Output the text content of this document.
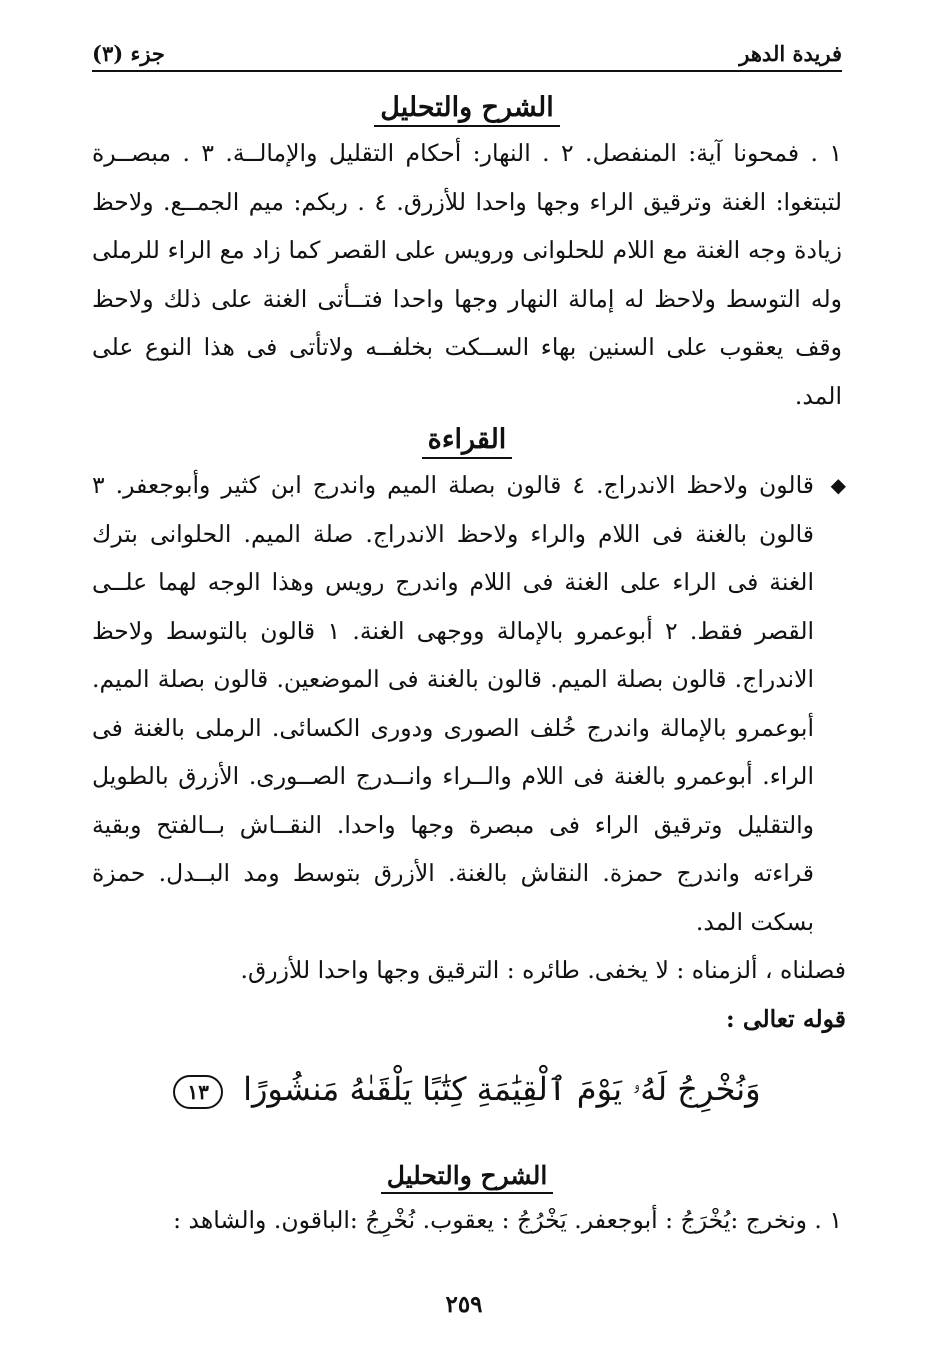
فريدة الدهر
جزء (٣)
الشرح والتحليل

١ . فمحونا آية: المنفصل. ٢ . النهار: أحكام التقليل والإمالــة. ٣ . مبصــرة لتبتغوا: الغنة وترقيق الراء وجها واحدا للأزرق. ٤ . ربكم: ميم الجمــع. ولاحظ زيادة وجه الغنة مع اللام للحلوانى ورويس على القصر كما زاد مع الراء للرملى وله التوسط ولاحظ له إمالة النهار وجها واحدا فتــأتى الغنة على ذلك ولاحظ وقف يعقوب على السنين بهاء الســكت بخلفــه ولاتأتى فى هذا النوع على المد.

القراءة
◆

قالون ولاحظ الاندراج. ٤ قالون بصلة الميم واندرج ابن كثير وأبوجعفر. ٣ قالون بالغنة فى اللام والراء ولاحظ الاندراج. صلة الميم. الحلوانى بترك الغنة فى الراء على الغنة فى اللام واندرج رويس وهذا الوجه لهما علــى القصر فقط. ٢ أبوعمرو بالإمالة ووجهى الغنة. ١ قالون بالتوسط ولاحظ الاندراج. قالون بصلة الميم. قالون بالغنة فى الموضعين. قالون بصلة الميم. أبوعمرو بالإمالة واندرج خُلف الصورى ودورى الكسائى. الرملى بالغنة فى الراء. أبوعمرو بالغنة فى اللام والــراء وانــدرج الصــورى. الأزرق بالطويل والتقليل وترقيق الراء فى مبصرة وجها واحدا. النقــاش بــالفتح وبقية قراءته واندرج حمزة. النقاش بالغنة. الأزرق بتوسط ومد البــدل. حمزة بسكت المد.

فصلناه ، ألزمناه : لا يخفى. طائره : الترقيق وجها واحدا للأزرق.

قوله تعالى :

وَنُخْرِجُ لَهُۥ يَوْمَ ٱلْقِيَٰمَةِ كِتَٰبًا يَلْقَىٰهُ مَنشُورًا ١٣
الشرح والتحليل

١ . ونخرج :يُخْرَجُ : أبوجعفر. يَخْرُجُ : يعقوب. نُخْرِجُ :الباقون. والشاهد :

٢٥٩
